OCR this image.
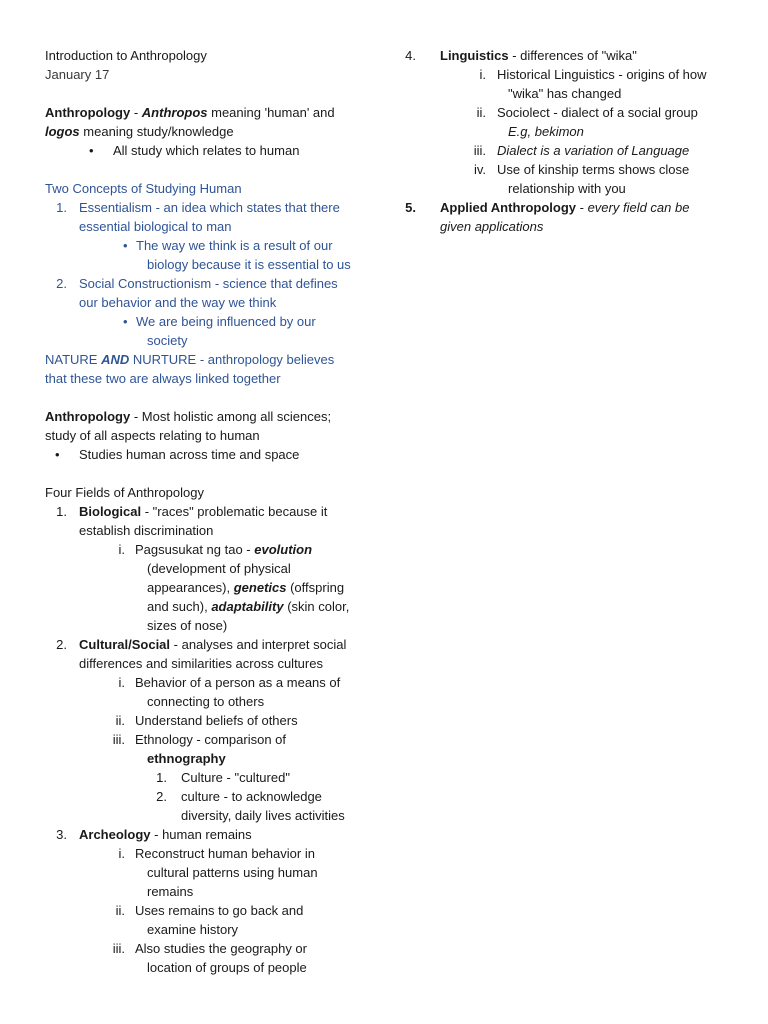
Introduction to Anthropology
January 17
Anthropology - Anthropos meaning 'human' and
logos meaning study/knowledge
• All study which relates to human
Two Concepts of Studying Human
1. Essentialism - an idea which states that there
essential biological to man
• The way we think is a result of our
biology because it is essential to us
2. Social Constructionism - science that defines
our behavior and the way we think
• We are being influenced by our
society
NATURE AND NURTURE - anthropology believes
that these two are always linked together
Anthropology - Most holistic among all sciences;
study of all aspects relating to human
• Studies human across time and space
Four Fields of Anthropology
1. Biological - "races" problematic because it
establish discrimination
i. Pagsusukat ng tao - evolution
(development of physical
appearances), genetics (offspring
and such), adaptability (skin color,
sizes of nose)
2. Cultural/Social - analyses and interpret social
differences and similarities across cultures
i. Behavior of a person as a means of
connecting to others
ii. Understand beliefs of others
iii. Ethnology - comparison of
ethnography
1. Culture - "cultured"
2. culture - to acknowledge
diversity, daily lives activities
3. Archeology - human remains
i. Reconstruct human behavior in
cultural patterns using human
remains
ii. Uses remains to go back and
examine history
iii. Also studies the geography or
location of groups of people
4. Linguistics - differences of "wika"
i. Historical Linguistics - origins of how
"wika" has changed
ii. Sociolect - dialect of a social group
E.g, bekimon
iii. Dialect is a variation of Language
iv. Use of kinship terms shows close
relationship with you
5. Applied Anthropology - every field can be
given applications
